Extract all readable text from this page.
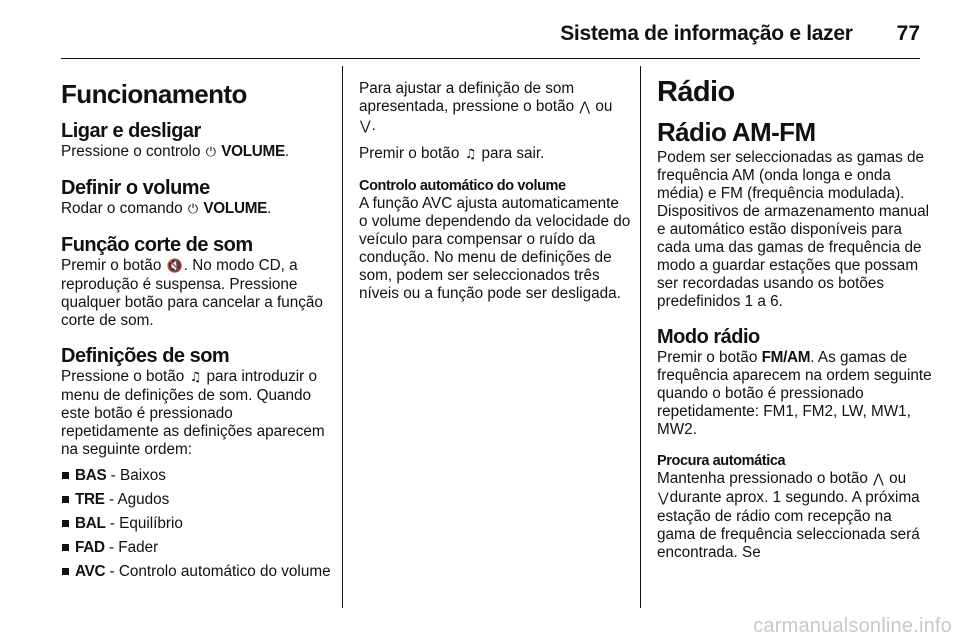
Sistema de informação e lazer 77
Funcionamento
Ligar e desligar

Pressione o controlo ⏻ VOLUME.

Definir o volume

Rodar o comando ⏻ VOLUME.

Função corte de som

Premir o botão 🔇. No modo CD, a reprodução é suspensa. Pressione qualquer botão para cancelar a função corte de som.

Definições de som

Pressione o botão ♫ para introduzir o menu de definições de som. Quando este botão é pressionado repetidamente as definições aparecem na seguinte ordem:

BAS - Baixos
TRE - Agudos
BAL - Equilíbrio
FAD - Fader
AVC - Controlo automático do volume

Para ajustar a definição de som apresentada, pressione o botão ⋀ ou ⋁.

Premir o botão ♫ para sair.

Controlo automático do volume

A função AVC ajusta automaticamente o volume dependendo da velocidade do veículo para compensar o ruído da condução. No menu de definições de som, podem ser seleccionados três níveis ou a função pode ser desligada.

Rádio
Rádio AM-FM

Podem ser seleccionadas as gamas de frequência AM (onda longa e onda média) e FM (frequência modulada). Dispositivos de armazenamento manual e automático estão disponíveis para cada uma das gamas de frequência de modo a guardar estações que possam ser recordadas usando os botões predefinidos 1 a 6.

Modo rádio

Premir o botão FM/AM. As gamas de frequência aparecem na ordem seguinte quando o botão é pressionado repetidamente: FM1, FM2, LW, MW1, MW2.

Procura automática

Mantenha pressionado o botão ⋀ ou ⋁durante aprox. 1 segundo. A próxima estação de rádio com recepção na gama de frequência seleccionada será encontrada. Se

carmanualsonline.info
